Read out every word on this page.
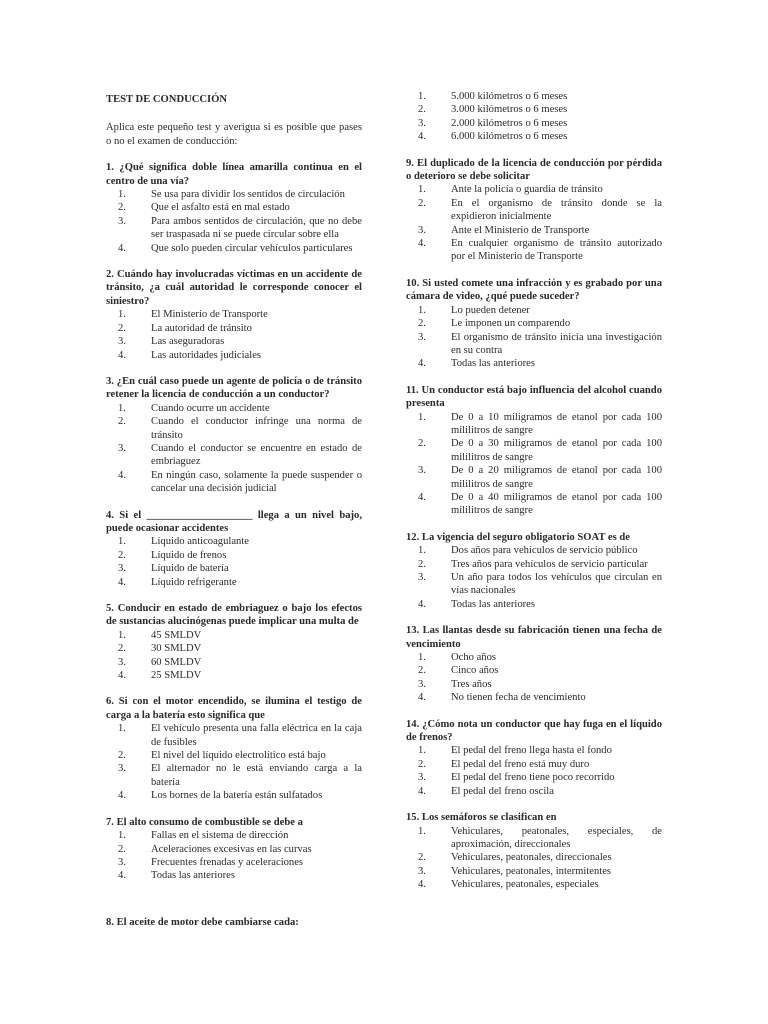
TEST DE CONDUCCIÓN
Aplica este pequeño test y averigua si es posible que pases o no el examen de conducción:
1. ¿Qué significa doble línea amarilla continua en el centro de una vía?
1. Se usa para dividir los sentidos de circulación
2. Que el asfalto está en mal estado
3. Para ambos sentidos de circulación, que no debe ser traspasada ni se puede circular sobre ella
4. Que solo pueden circular vehículos particulares
2. Cuándo hay involucradas víctimas en un accidente de tránsito, ¿a cuál autoridad le corresponde conocer el siniestro?
1. El Ministerio de Transporte
2. La autoridad de tránsito
3. Las aseguradoras
4. Las autoridades judiciales
3. ¿En cuál caso puede un agente de policía o de tránsito retener la licencia de conducción a un conductor?
1. Cuando ocurre un accidente
2. Cuando el conductor infringe una norma de tránsito
3. Cuando el conductor se encuentre en estado de embriaguez
4. En ningún caso, solamente la puede suspender o cancelar una decisión judicial
4. Si el ____________________ llega a un nivel bajo, puede ocasionar accidentes
1. Líquido anticoagulante
2. Líquido de frenos
3. Líquido de batería
4. Líquido refrigerante
5. Conducir en estado de embriaguez o bajo los efectos de sustancias alucinógenas puede implicar una multa de
1. 45 SMLDV
2. 30 SMLDV
3. 60 SMLDV
4. 25 SMLDV
6. Si con el motor encendido, se ilumina el testigo de carga a la batería esto significa que
1. El vehículo presenta una falla eléctrica en la caja de fusibles
2. El nivel del líquido electrolítico está bajo
3. El alternador no le está enviando carga a la batería
4. Los bornes de la batería están sulfatados
7. El alto consumo de combustible se debe a
1. Fallas en el sistema de dirección
2. Aceleraciones excesivas en las curvas
3. Frecuentes frenadas y aceleraciones
4. Todas las anteriores
8. El aceite de motor debe cambiarse cada:
1. 5.000 kilómetros o 6 meses
2. 3.000 kilómetros o 6 meses
3. 2.000 kilómetros o 6 meses
4. 6.000 kilómetros o 6 meses
9. El duplicado de la licencia de conducción por pérdida o deterioro se debe solicitar
1. Ante la policía o guardia de tránsito
2. En el organismo de tránsito donde se la expidieron inicialmente
3. Ante el Ministerio de Transporte
4. En cualquier organismo de tránsito autorizado por el Ministerio de Transporte
10. Si usted comete una infracción y es grabado por una cámara de video, ¿qué puede suceder?
1. Lo pueden detener
2. Le imponen un comparendo
3. El organismo de tránsito inicia una investigación en su contra
4. Todas las anteriores
11. Un conductor está bajo influencia del alcohol cuando presenta
1. De 0 a 10 miligramos de etanol por cada 100 mililitros de sangre
2. De 0 a 30 miligramos de etanol por cada 100 mililitros de sangre
3. De 0 a 20 miligramos de etanol por cada 100 mililitros de sangre
4. De 0 a 40 miligramos de etanol por cada 100 mililitros de sangre
12. La vigencia del seguro obligatorio SOAT es de
1. Dos años para vehículos de servicio público
2. Tres años para vehículos de servicio particular
3. Un año para todos los vehículos que circulan en vías nacionales
4. Todas las anteriores
13. Las llantas desde su fabricación tienen una fecha de vencimiento
1. Ocho años
2. Cinco años
3. Tres años
4. No tienen fecha de vencimiento
14. ¿Cómo nota un conductor que hay fuga en el líquido de frenos?
1. El pedal del freno llega hasta el fondo
2. El pedal del freno está muy duro
3. El pedal del freno tiene poco recorrido
4. El pedal del freno oscila
15. Los semáforos se clasifican en
1. Vehiculares, peatonales, especiales, de aproximación, direccionales
2. Vehiculares, peatonales, direccionales
3. Vehiculares, peatonales, intermitentes
4. Vehiculares, peatonales, especiales
